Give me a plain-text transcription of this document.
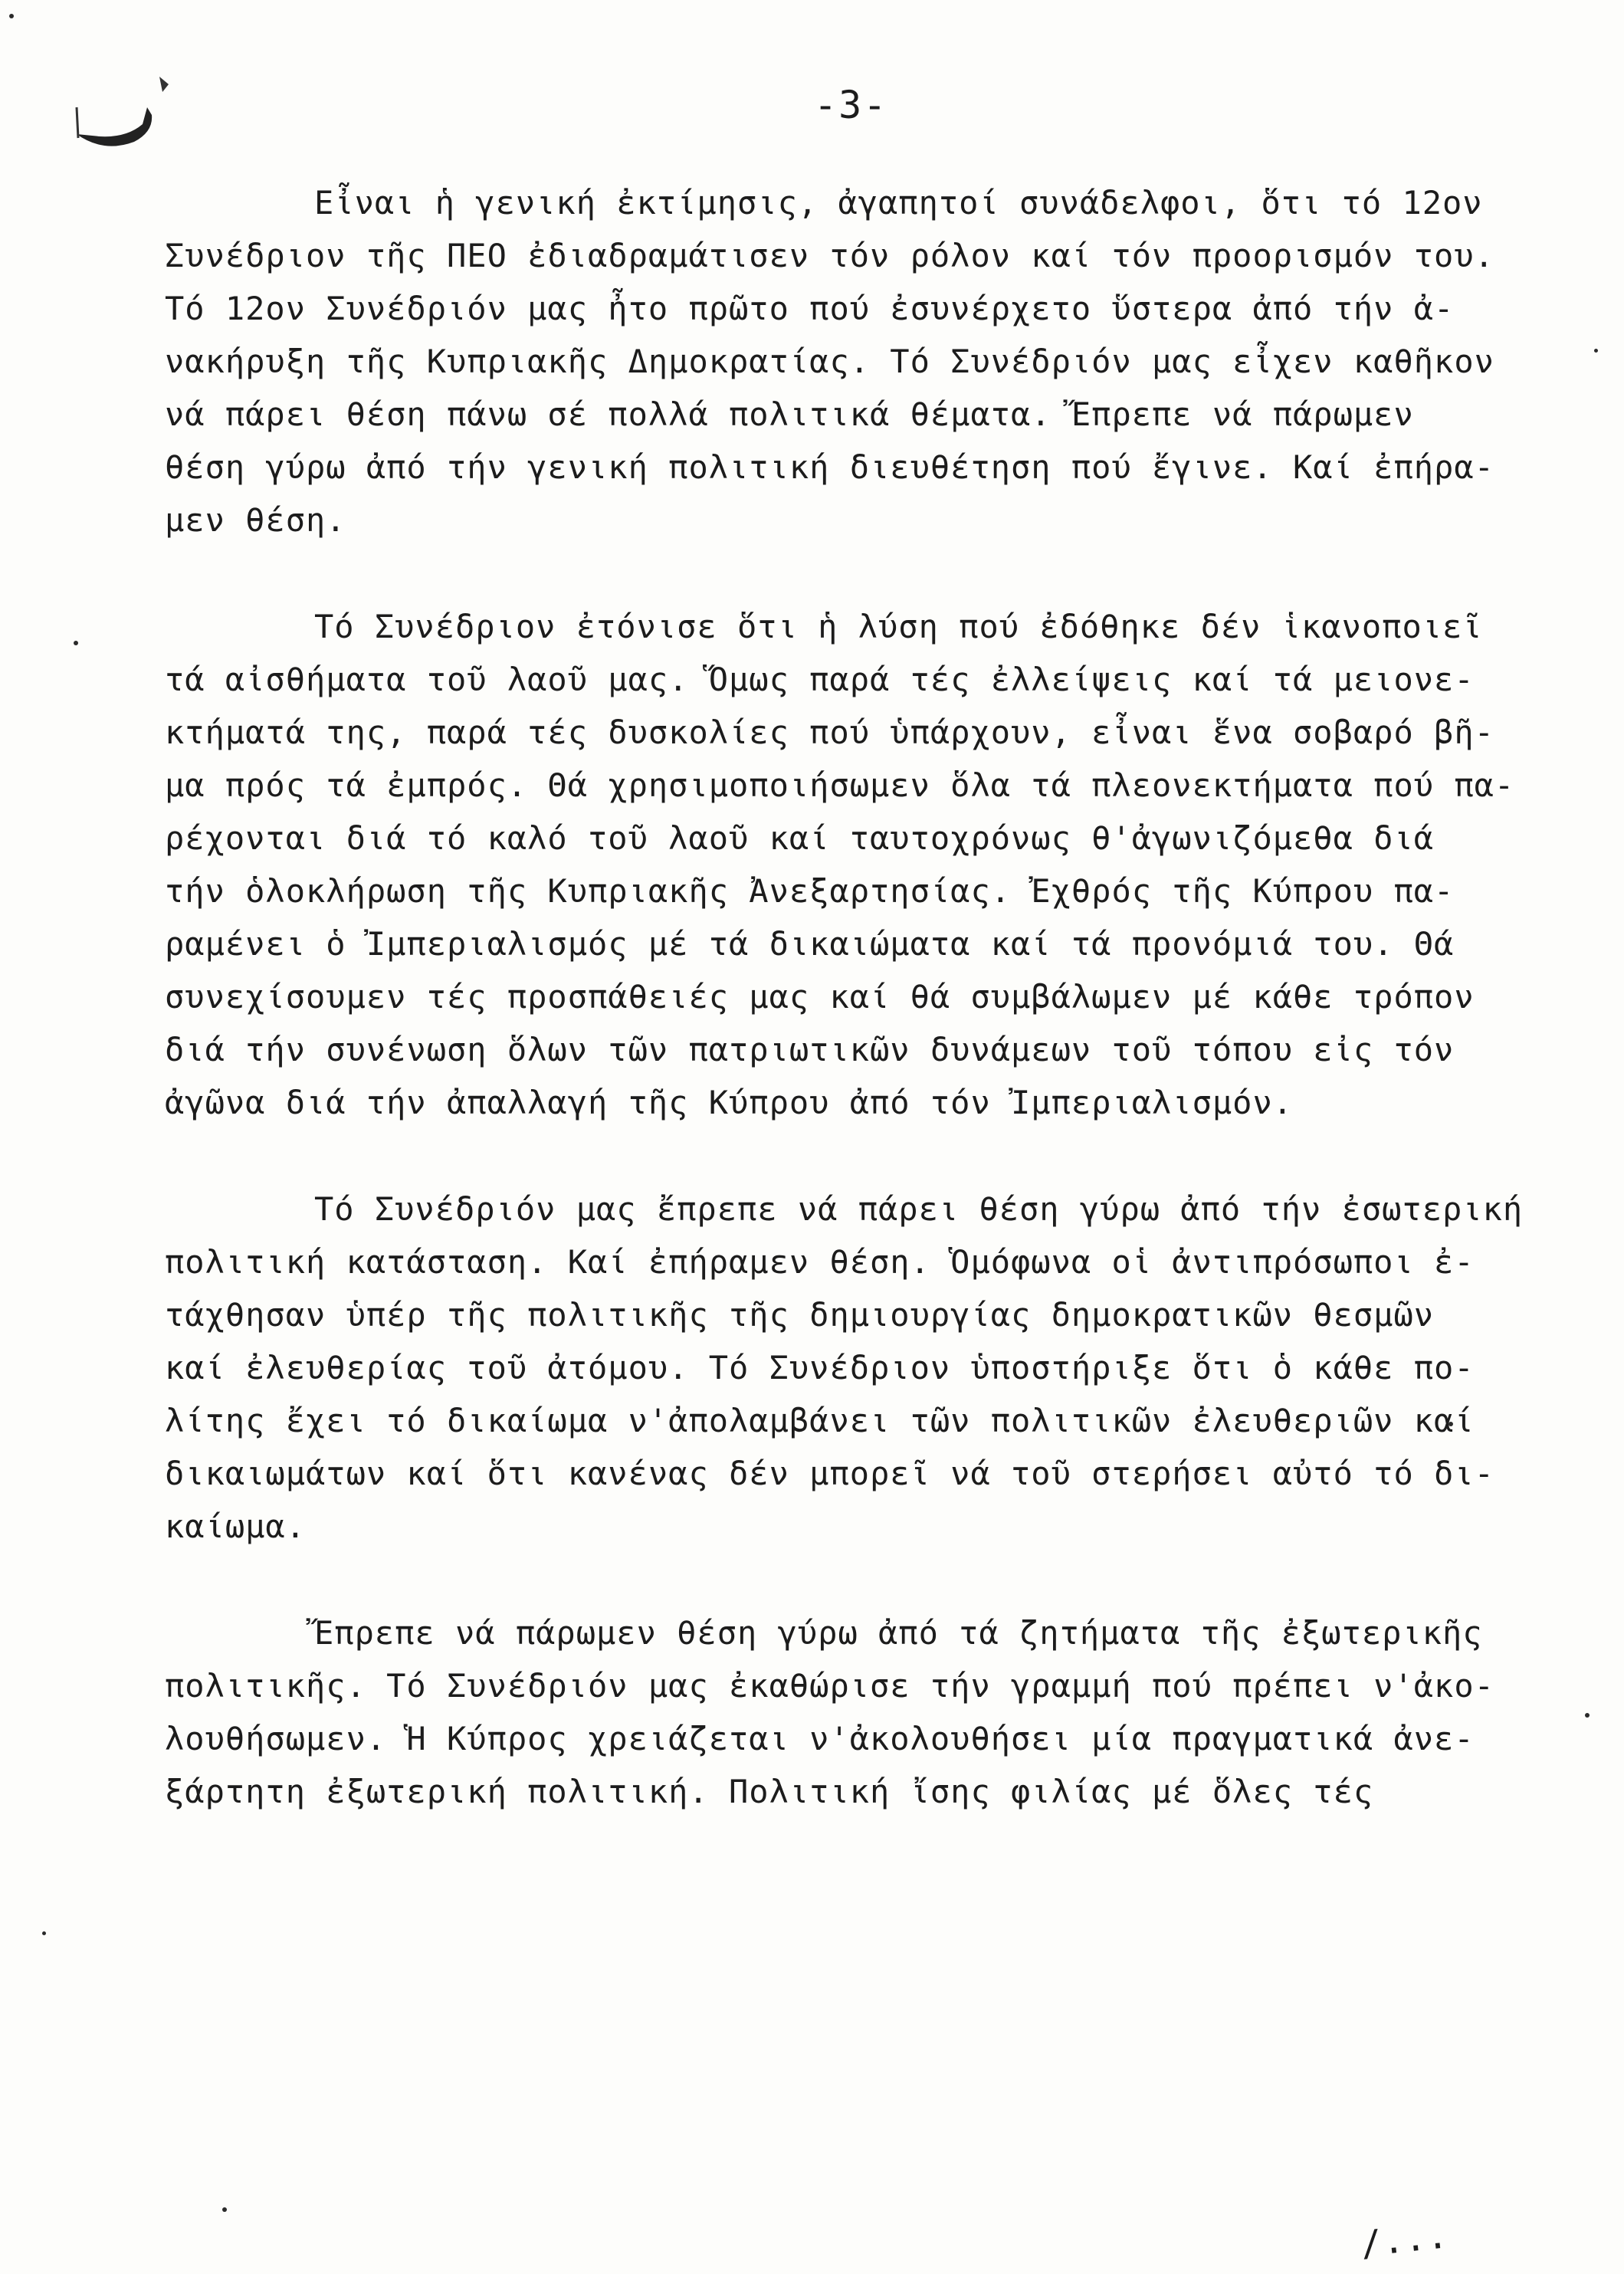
-3-
Εἶναι ἡ γενική ἐκτίμησις, ἀγαπητοί συνάδελφοι, ὅτι τό 12ον
Συνέδριον τῆς ΠΕΟ ἐδιαδραμάτισεν τόν ρόλον καί τόν προορισμόν του.
Τό 12ον Συνέδριόν μας ἦτο πρῶτο πού ἐσυνέρχετο ὕστερα ἀπό τήν ἀ-
νακήρυξη τῆς Κυπριακῆς Δημοκρατίας. Τό Συνέδριόν μας εἶχεν καθῆκον
νά πάρει θέση πάνω σέ πολλά πολιτικά θέματα. Ἔπρεπε νά πάρωμεν
θέση γύρω ἀπό τήν γενική πολιτική διευθέτηση πού ἔγινε. Καί ἐπήρα-
μεν θέση.
Τό Συνέδριον ἐτόνισε ὅτι ἡ λύση πού ἐδόθηκε δέν ἱκανοποιεῖ
τά αἰσθήματα τοῦ λαοῦ μας. Ὅμως παρά τές ἐλλείψεις καί τά μειονε-
κτήματά της, παρά τές δυσκολίες πού ὑπάρχουν, εἶναι ἕνα σοβαρό βῆ-
μα πρός τά ἐμπρός. Θά χρησιμοποιήσωμεν ὅλα τά πλεονεκτήματα πού πα-
ρέχονται διά τό καλό τοῦ λαοῦ καί ταυτοχρόνως θ'ἀγωνιζόμεθα διά
τήν ὁλοκλήρωση τῆς Κυπριακῆς Ἀνεξαρτησίας. Ἐχθρός τῆς Κύπρου πα-
ραμένει ὁ Ἰμπεριαλισμός μέ τά δικαιώματα καί τά προνόμιά του. Θά
συνεχίσουμεν τές προσπάθειές μας καί θά συμβάλωμεν μέ κάθε τρόπον
διά τήν συνένωση ὅλων τῶν πατριωτικῶν δυνάμεων τοῦ τόπου εἰς τόν
ἀγῶνα διά τήν ἀπαλλαγή τῆς Κύπρου ἀπό τόν Ἰμπεριαλισμόν.
Τό Συνέδριόν μας ἔπρεπε νά πάρει θέση γύρω ἀπό τήν ἐσωτερική
πολιτική κατάσταση. Καί ἐπήραμεν θέση. Ὁμόφωνα οἱ ἀντιπρόσωποι ἐ-
τάχθησαν ὑπέρ τῆς πολιτικῆς τῆς δημιουργίας δημοκρατικῶν θεσμῶν
καί ἐλευθερίας τοῦ ἀτόμου. Τό Συνέδριον ὑποστήριξε ὅτι ὁ κάθε πο-
λίτης ἔχει τό δικαίωμα ν'ἀπολαμβάνει τῶν πολιτικῶν ἐλευθεριῶν καί
δικαιωμάτων καί ὅτι κανένας δέν μπορεῖ νά τοῦ στερήσει αὐτό τό δι-
καίωμα.
Ἔπρεπε νά πάρωμεν θέση γύρω ἀπό τά ζητήματα τῆς ἐξωτερικῆς
πολιτικῆς. Τό Συνέδριόν μας ἐκαθώρισε τήν γραμμή πού πρέπει ν'ἀκο-
λουθήσωμεν. Ἡ Κύπρος χρειάζεται ν'ἀκολουθήσει μία πραγματικά ἀνε-
ξάρτητη ἐξωτερική πολιτική. Πολιτική ἴσης φιλίας μέ ὅλες τές
/...
